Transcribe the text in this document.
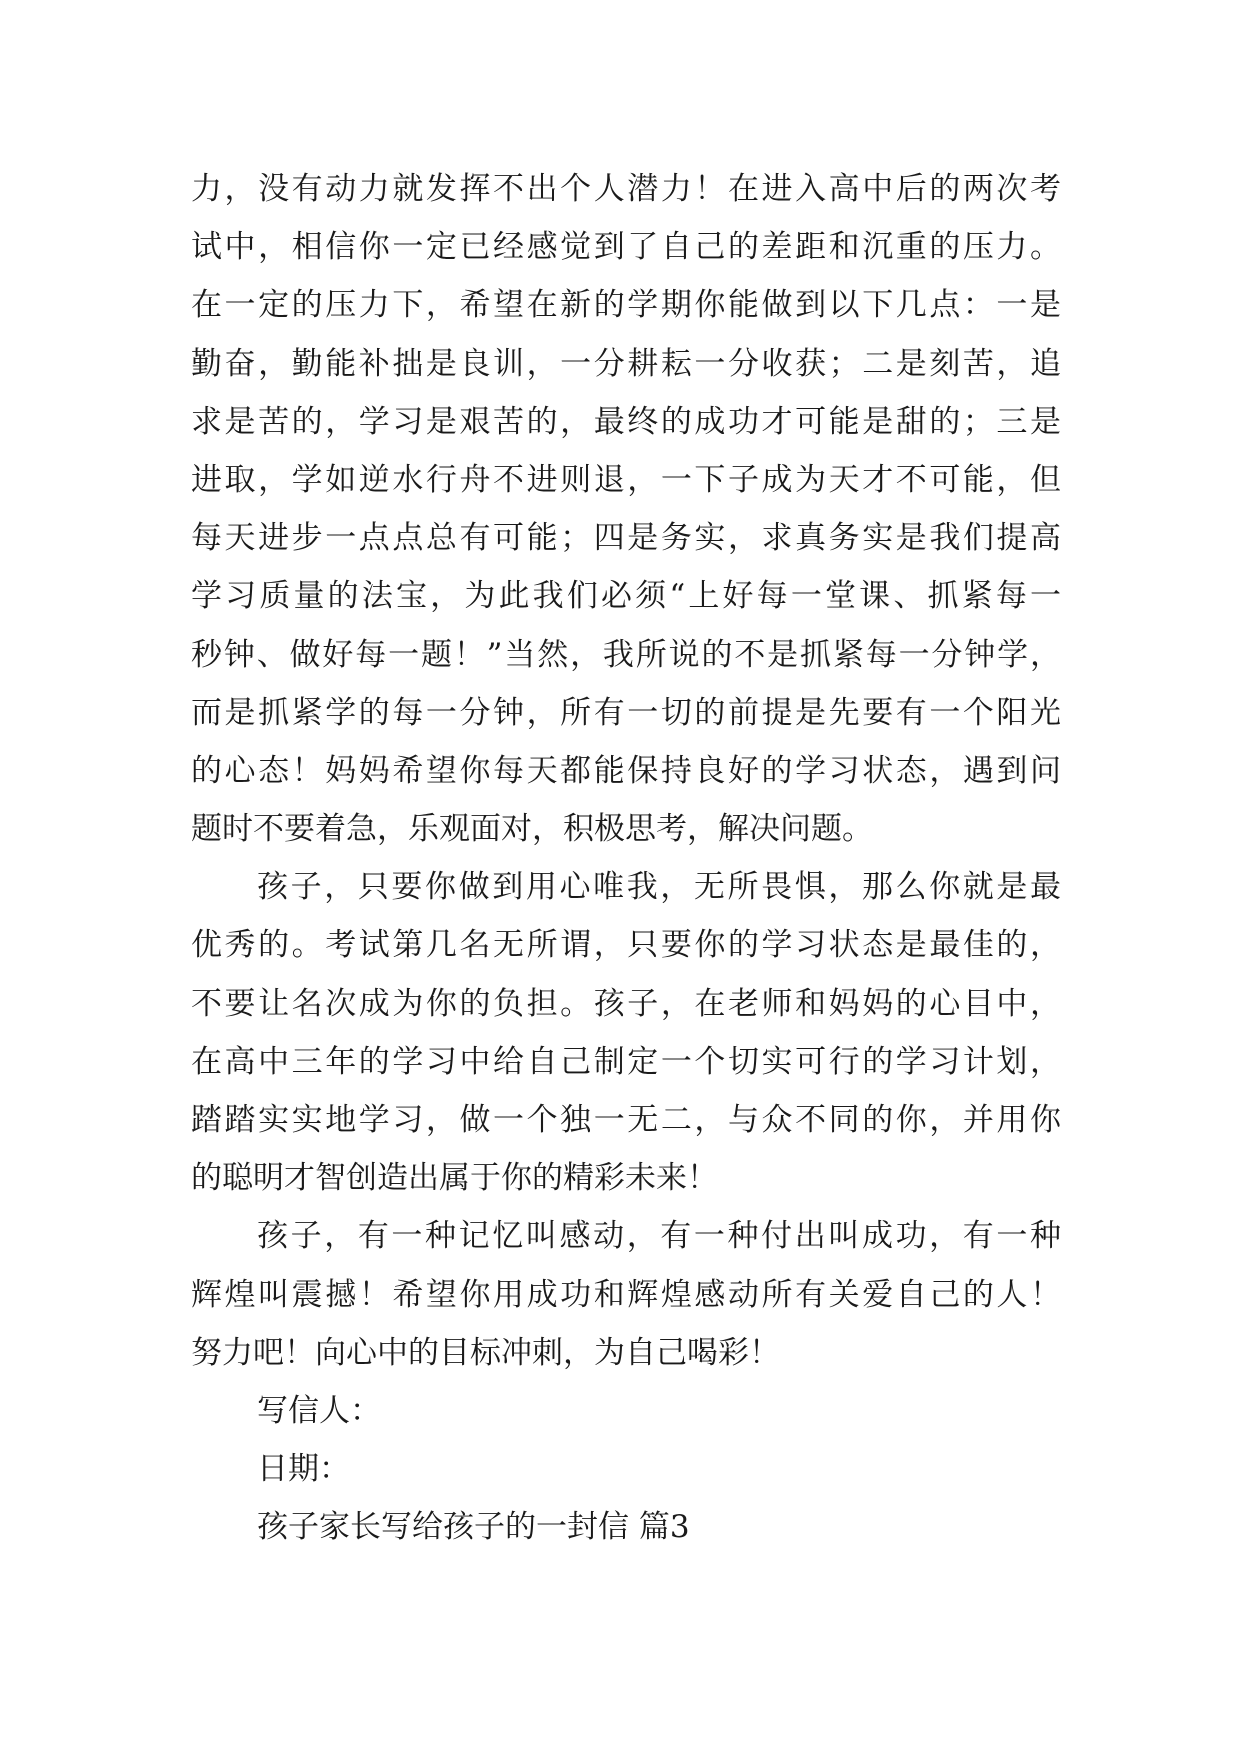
力，没有动力就发挥不出个人潜力！在进入高中后的两次考
试中，相信你一定已经感觉到了自己的差距和沉重的压力。
在一定的压力下，希望在新的学期你能做到以下几点：一是
勤奋，勤能补拙是良训，一分耕耘一分收获；二是刻苦，追
求是苦的，学习是艰苦的，最终的成功才可能是甜的；三是
进取，学如逆水行舟不进则退，一下子成为天才不可能，但
每天进步一点点总有可能；四是务实，求真务实是我们提高
学习质量的法宝，为此我们必须“上好每一堂课、抓紧每一
秒钟、做好每一题！”当然，我所说的不是抓紧每一分钟学，
而是抓紧学的每一分钟，所有一切的前提是先要有一个阳光
的心态！妈妈希望你每天都能保持良好的学习状态，遇到问
题时不要着急，乐观面对，积极思考，解决问题。
孩子，只要你做到用心唯我，无所畏惧，那么你就是最
优秀的。考试第几名无所谓，只要你的学习状态是最佳的，
不要让名次成为你的负担。孩子，在老师和妈妈的心目中，
在高中三年的学习中给自己制定一个切实可行的学习计划，
踏踏实实地学习，做一个独一无二，与众不同的你，并用你
的聪明才智创造出属于你的精彩未来！
孩子，有一种记忆叫感动，有一种付出叫成功，有一种
辉煌叫震撼！希望你用成功和辉煌感动所有关爱自己的人！
努力吧！向心中的目标冲刺，为自己喝彩！
写信人：
日期：
孩子家长写给孩子的一封信 篇3
